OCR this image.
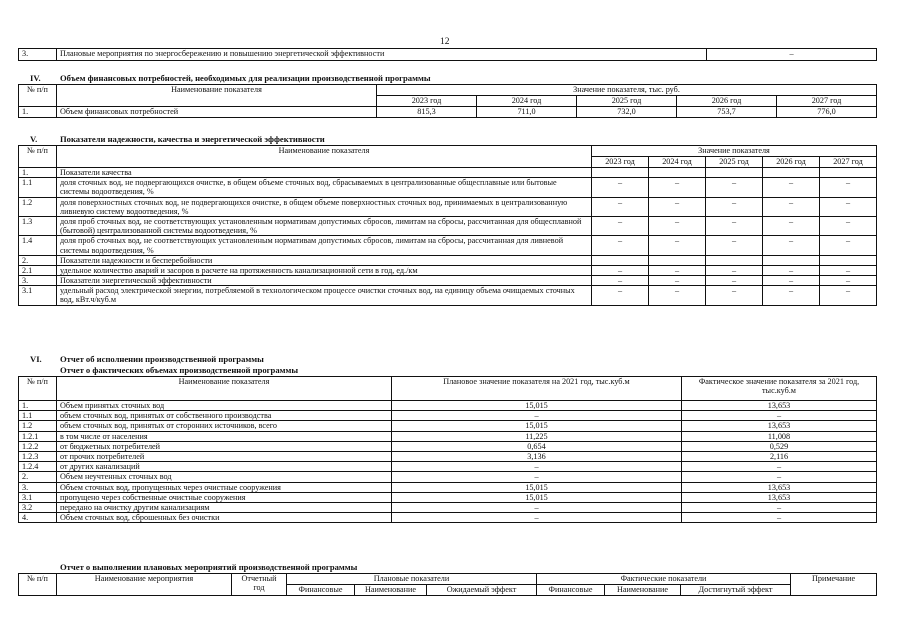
12
3.	Плановые мероприятия по энергосбережению и повышению энергетической эффективности	–
IV. Объем финансовых потребностей, необходимых для реализации производственной программы
№ п/п	Наименование показателя	Значение показателя, тыс. руб.				
		2023 год	2024 год	2025 год	2026 год	2027 год
1.	Объем финансовых потребностей	815,3	711,0	732,0	753,7	776,0
V.	Показатели надежности, качества и энергетической эффективности
№ п/п	Наименование показателя	Значение показателя				
		2023 год	2024 год	2025 год	2026 год	2027 год
1.	Показатели качества					
1.1	доля сточных вод, не подвергающихся очистке, в общем объеме сточных вод, сбрасываемых в централизованные общесплавные или бытовые системы водоотведения, %	–	–	–	–	–
1.2	доля поверхностных сточных вод, не подвергающихся очистке, в общем объеме поверхностных сточных вод, принимаемых в централизованную ливневую систему водоотведения, %	–	–	–	–	–
1.3	доля проб сточных вод, не соответствующих установленным нормативам допустимых сбросов, лимитам на сбросы, рассчитанная для общесплавной (бытовой) централизованной системы водоотведения, %	–	–	–	–	–
1.4	доля проб сточных вод, не соответствующих установленным нормативам допустимых сбросов, лимитам на сбросы, рассчитанная для ливневой системы водоотведения, %	–	–	–	–	–
2.	Показатели надежности и бесперебойности					
2.1	удельное количество аварий и засоров в расчете на протяженность канализационной сети в год, ед./км	–	–	–	–	–
3.	Показатели энергетической эффективности	–	–	–	–	–
3.1	удельный расход электрической энергии, потребляемой в технологическом процессе очистки сточных вод, на единицу объема очищаемых сточных вод, кВт.ч/куб.м	–	–	–	–	–
VI. Отчет об исполнении производственной программы
Отчет о фактических объемах производственной программы
№ п/п	Наименование показателя	Плановое значение показателя на 2021 год, тыс.куб.м	Фактическое значение показателя за 2021 год, тыс.куб.м
1.	Объем принятых сточных вод	15,015	13,653
1.1	объем сточных вод, принятых от собственного производства	–	–
1.2	объем сточных вод, принятых от сторонних источников, всего	15,015	13,653
1.2.1	в том числе от населения	11,225	11,008
1.2.2	от бюджетных потребителей	0,654	0,529
1.2.3	от прочих потребителей	3,136	2,116
1.2.4	от других канализаций	–	–
2.	Объем неучтенных сточных вод	–	–
3.	Объем сточных вод, пропущенных через очистные сооружения	15,015	13,653
3.1	пропущено через собственные очистные сооружения	15,015	13,653
3.2	передано на очистку другим канализациям	–	–
4.	Объем сточных вод, сброшенных без очистки	–	–
Отчет о выполнении плановых мероприятий производственной программы
№ п/п	Наименование мероприятия	Отчетный год	Плановые показатели			Фактические показатели			Примечание
			Финансовые	Наименование	Ожидаемый эффект	Финансовые	Наименование	Достигнутый эффект	
